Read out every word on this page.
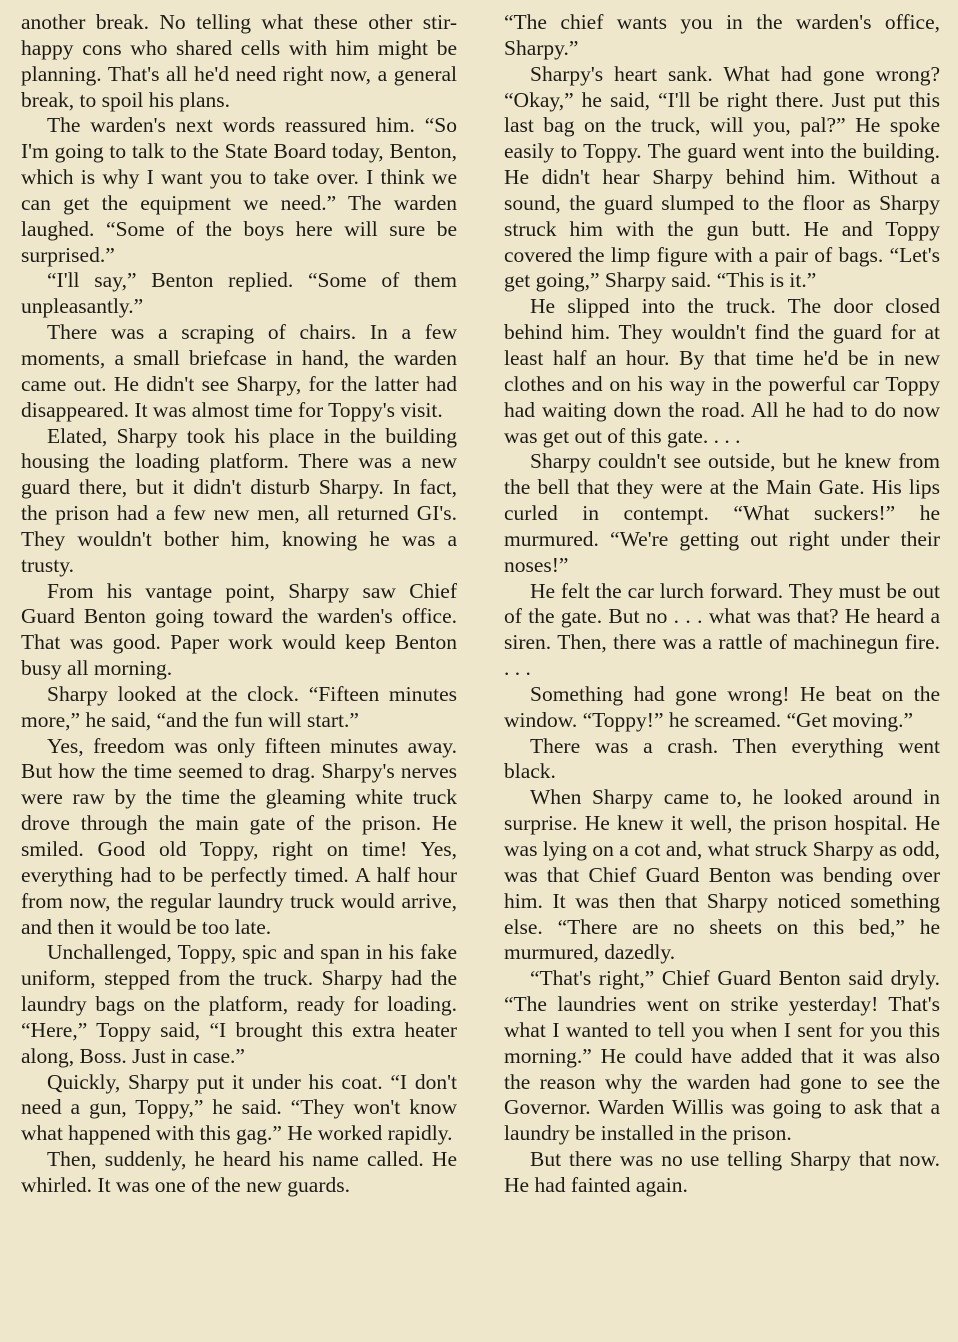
another break. No telling what these other stir-happy cons who shared cells with him might be planning. That's all he'd need right now, a general break, to spoil his plans.

The warden's next words reassured him. “So I'm going to talk to the State Board today, Benton, which is why I want you to take over. I think we can get the equipment we need.” The warden laughed. “Some of the boys here will sure be surprised.”

“I'll say,” Benton replied. “Some of them unpleasantly.”

There was a scraping of chairs. In a few moments, a small briefcase in hand, the warden came out. He didn't see Sharpy, for the latter had disappeared. It was almost time for Toppy's visit.

Elated, Sharpy took his place in the building housing the loading platform. There was a new guard there, but it didn't disturb Sharpy. In fact, the prison had a few new men, all returned GI's. They wouldn't bother him, knowing he was a trusty.

From his vantage point, Sharpy saw Chief Guard Benton going toward the warden's office. That was good. Paper work would keep Benton busy all morning.

Sharpy looked at the clock. “Fifteen minutes more,” he said, “and the fun will start.”

Yes, freedom was only fifteen minutes away. But how the time seemed to drag. Sharpy's nerves were raw by the time the gleaming white truck drove through the main gate of the prison. He smiled. Good old Toppy, right on time! Yes, everything had to be perfectly timed. A half hour from now, the regular laundry truck would arrive, and then it would be too late.

Unchallenged, Toppy, spic and span in his fake uniform, stepped from the truck. Sharpy had the laundry bags on the platform, ready for loading. “Here,” Toppy said, “I brought this extra heater along, Boss. Just in case.”

Quickly, Sharpy put it under his coat. “I don't need a gun, Toppy,” he said. “They won't know what happened with this gag.” He worked rapidly.

Then, suddenly, he heard his name called. He whirled. It was one of the new guards.

“The chief wants you in the warden's office, Sharpy.”

Sharpy's heart sank. What had gone wrong? “Okay,” he said, “I'll be right there. Just put this last bag on the truck, will you, pal?” He spoke easily to Toppy. The guard went into the building. He didn't hear Sharpy behind him. Without a sound, the guard slumped to the floor as Sharpy struck him with the gun butt. He and Toppy covered the limp figure with a pair of bags. “Let's get going,” Sharpy said. “This is it.”

He slipped into the truck. The door closed behind him. They wouldn't find the guard for at least half an hour. By that time he'd be in new clothes and on his way in the powerful car Toppy had waiting down the road. All he had to do now was get out of this gate. . . .

Sharpy couldn't see outside, but he knew from the bell that they were at the Main Gate. His lips curled in contempt. “What suckers!” he murmured. “We're getting out right under their noses!”

He felt the car lurch forward. They must be out of the gate. But no . . . what was that? He heard a siren. Then, there was a rattle of machinegun fire. . . .

Something had gone wrong! He beat on the window. “Toppy!” he screamed. “Get moving.”

There was a crash. Then everything went black.

When Sharpy came to, he looked around in surprise. He knew it well, the prison hospital. He was lying on a cot and, what struck Sharpy as odd, was that Chief Guard Benton was bending over him. It was then that Sharpy noticed something else. “There are no sheets on this bed,” he murmured, dazedly.

“That's right,” Chief Guard Benton said dryly. “The laundries went on strike yesterday! That's what I wanted to tell you when I sent for you this morning.” He could have added that it was also the reason why the warden had gone to see the Governor. Warden Willis was going to ask that a laundry be installed in the prison.

But there was no use telling Sharpy that now. He had fainted again.
